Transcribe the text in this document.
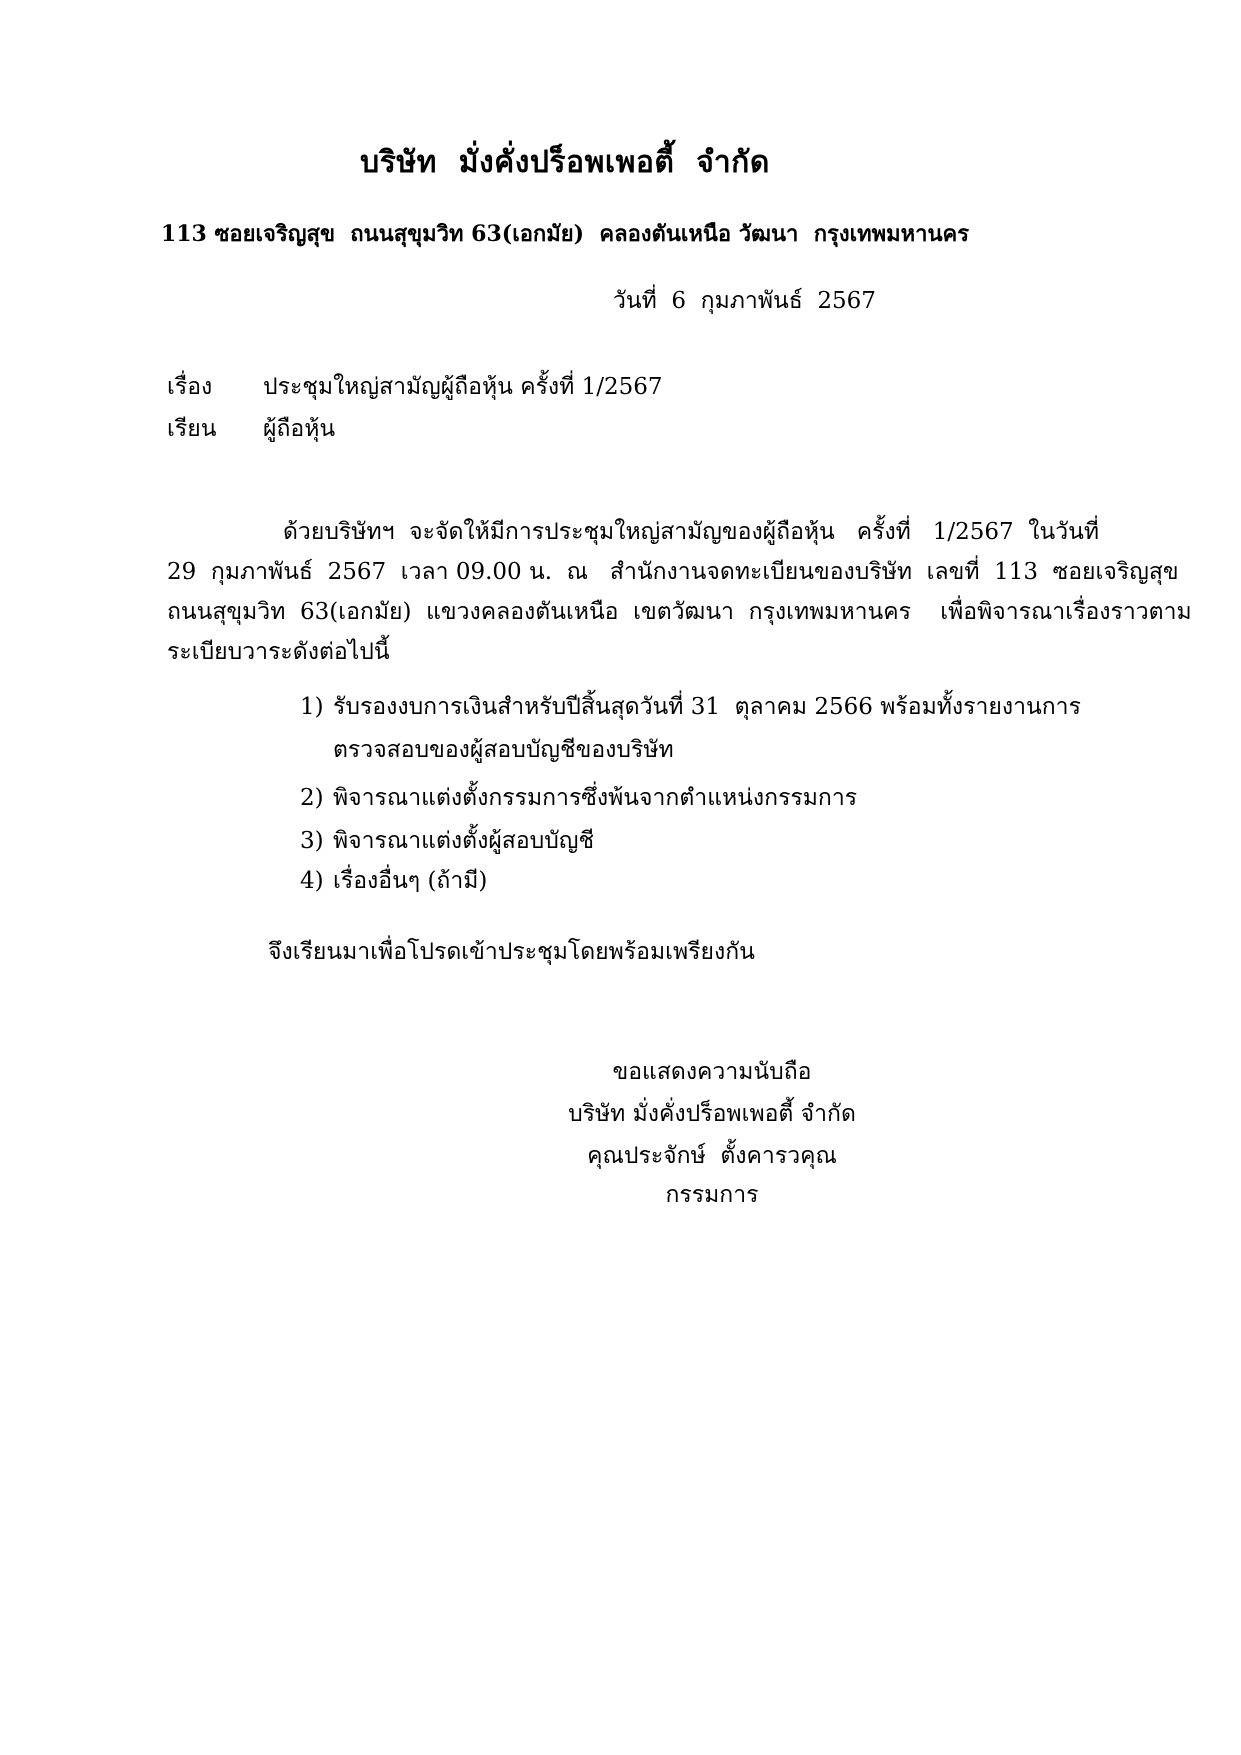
บริษัท  มั่งคั่งปร็อพเพอตี้  จำกัด
113 ซอยเจริญสุข  ถนนสุขุมวิท 63(เอกมัย)  คลองตันเหนือ วัฒนา  กรุงเทพมหานคร
วันที่  6  กุมภาพันธ์  2567
เรื่อง ประชุมใหญ่สามัญผู้ถือหุ้น ครั้งที่ 1/2567
เรียน ผู้ถือหุ้น
ด้วยบริษัทฯ  จะจัดให้มีการประชุมใหญ่สามัญของผู้ถือหุ้น   ครั้งที่   1/2567  ในวันที่
29  กุมภาพันธ์  2567  เวลา 09.00 น.  ณ   สำนักงานจดทะเบียนของบริษัท  เลขที่  113  ซอยเจริญสุข
ถนนสุขุมวิท  63(เอกมัย)  แขวงคลองตันเหนือ  เขตวัฒนา  กรุงเทพมหานคร    เพื่อพิจารณาเรื่องราวตาม
ระเบียบวาระดังต่อไปนี้
1) รับรองงบการเงินสำหรับปีสิ้นสุดวันที่ 31  ตุลาคม 2566 พร้อมทั้งรายงานการ
ตรวจสอบของผู้สอบบัญชีของบริษัท
2) พิจารณาแต่งตั้งกรรมการซึ่งพ้นจากตำแหน่งกรรมการ
3) พิจารณาแต่งตั้งผู้สอบบัญชี
4) เรื่องอื่นๆ (ถ้ามี)
จึงเรียนมาเพื่อโปรดเข้าประชุมโดยพร้อมเพรียงกัน
ขอแสดงความนับถือ
บริษัท มั่งคั่งปร็อพเพอตี้ จำกัด
คุณประจักษ์  ตั้งคารวคุณ
กรรมการ
